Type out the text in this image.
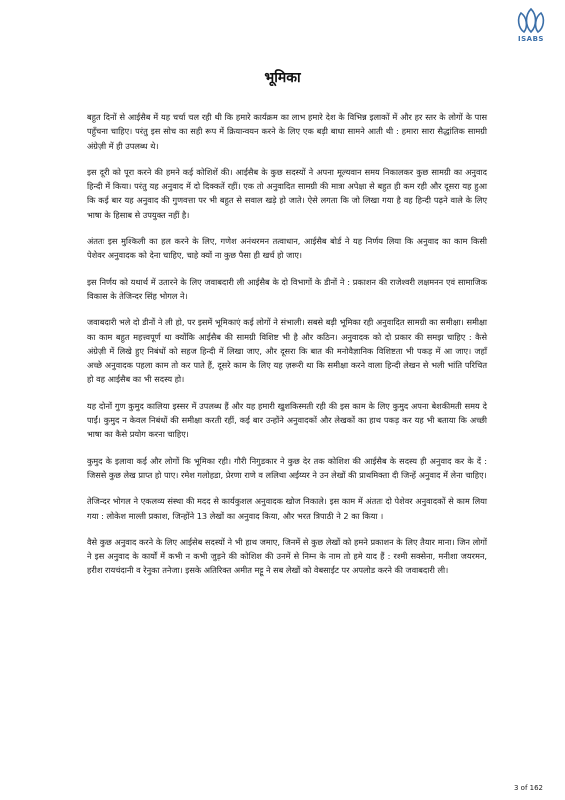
ISABS
भूमिका

बहुत दिनों से आईसैब में यह चर्चा चल रही थी कि हमारे कार्यक्रम का लाभ हमारे देश के विभिन्न इलाकों में और हर स्तर के लोगों के पास पहुँचना चाहिए। परंतु इस सोच का सही रूप में क्रियान्वयन करने के लिए एक बड़ी बाधा सामने आती थी : हमारा सारा सैद्धांतिक सामग्री अंग्रेज़ी में ही उपलब्ध थे।

इस दूरी को पूरा करने की हमने कई कोशिशें की। आईसैब के कुछ सदस्यों ने अपना मूल्यवान समय निकालकर कुछ सामग्री का अनुवाद हिन्दी में किया। परंतु यह अनुवाद में दो दिक्कतें रहीं। एक तो अनुवादित सामग्री की मात्रा अपेक्षा से बहुत ही कम रही और दूसरा यह हुआ कि कई बार यह अनुवाद की गुणवत्ता पर भी बहुत से सवाल खड़े हो जाते। ऐसे लगता कि जो लिखा गया है वह हिन्दी पढ़ने वाले के लिए भाषा के हिसाब से उपयुक्त नहीं है।

अंततः इस मुश्किली का हल करने के लिए, गणेश अनंथरमन तत्वाधान, आईसैब बोर्ड ने यह निर्णय लिया कि अनुवाद का काम किसी पेशेवर अनुवादक को देना चाहिए, चाहे क्यों ना कुछ पैसा ही खर्च हो जाए।

इस निर्णय को यथार्थ में उतारने के लिए जवाबदारी ली आईसैब के दो विभागों के डीनों ने : प्रकाशन की राजेश्वरी लक्षमनन एवं सामाजिक विकास के तेजिन्दर सिंह भोगल ने।

जवाबदारी भले दो डीनों ने ली हो, पर इसमें भूमिकाएं कई लोगों ने संभाली। सबसे बड़ी भूमिका रही अनुवादित सामग्री का समीक्षा। समीक्षा का काम बहुत महत्त्वपूर्ण था क्योंकि आईसैब की सामग्री विशिष्ट भी है और कठिन। अनुवादक को दो प्रकार की समझ चाहिए : कैसे अंग्रेज़ी में लिखे हुए निबंधों को सहज हिन्दी में लिखा जाए, और दूसरा कि बात की मनोवैज्ञानिक विशिष्टता भी पकड़ में आ जाए। जहाँ अच्छे अनुवादक पहला काम तो कर पाते हैं, दूसरे काम के लिए यह ज़रूरी था कि समीक्षा करने वाला हिन्दी लेखन से भली भांति परिचित हो वह आईसैब का भी सदस्य हो।

यह दोनों गुण कुमुद कालिया इस्सर में उपलब्ध हैं और यह हमारी खुशकिस्मती रही की इस काम के लिए कुमुद अपना बेशकीमती समय दे पाईं। कुमुद न केवल निबंधों की समीक्षा करती रहीं, कई बार उन्होंने अनुवादकों और लेखकों का हाथ पकड़ कर यह भी बताया कि अच्छी भाषा का कैसे प्रयोग करना चाहिए।

कुमुद के इलावा कई और लोगों कि भूमिका रही। गौरी निगुडकार ने कुछ देर तक कोशिश की आईसैब के सदस्य ही अनुवाद कर के दें : जिससे कुछ लेख प्राप्त हो पाए। रमेश गलोहडा, प्रेरणा राणे व ललिथा अईय्यर ने उन लेखों की प्राथमिक्ता दी जिन्हें अनुवाद में लेना चाहिए।

तेजिन्दर भोगल ने एकलव्य संस्था की मदद से कार्यकुशल अनुवादक खोज निकाले। इस काम में अंततः दो पेशेवर अनुवादकों से काम लिया गया : लोकेश माल्ती प्रकाश, जिन्होंने 13 लेखों का अनुवाद किया, और भरत त्रिपाठी ने 2 का किया ।

वैसे कुछ अनुवाद करने के लिए आईसेब सदस्यों ने भी हाथ जमाए, जिनमें से कुछ लेखों को हमने प्रकाशन के लिए तैयार माना। जिन लोगों ने इस अनुवाद के कार्यों में कभी न कभी जुड़ने की कोशिश की उनमें से निम्न के नाम तो हमे याद हैं : रश्मी सक्सेना, मनीशा जयरमन, हरीश रायचंदानी व रेनुका तनेजा। इसके अतिरिक्त अमीत मट्टू ने सब लेखों को वेबसाईट पर अपलोड करने की जवाबदारी ली।

3 of 162
